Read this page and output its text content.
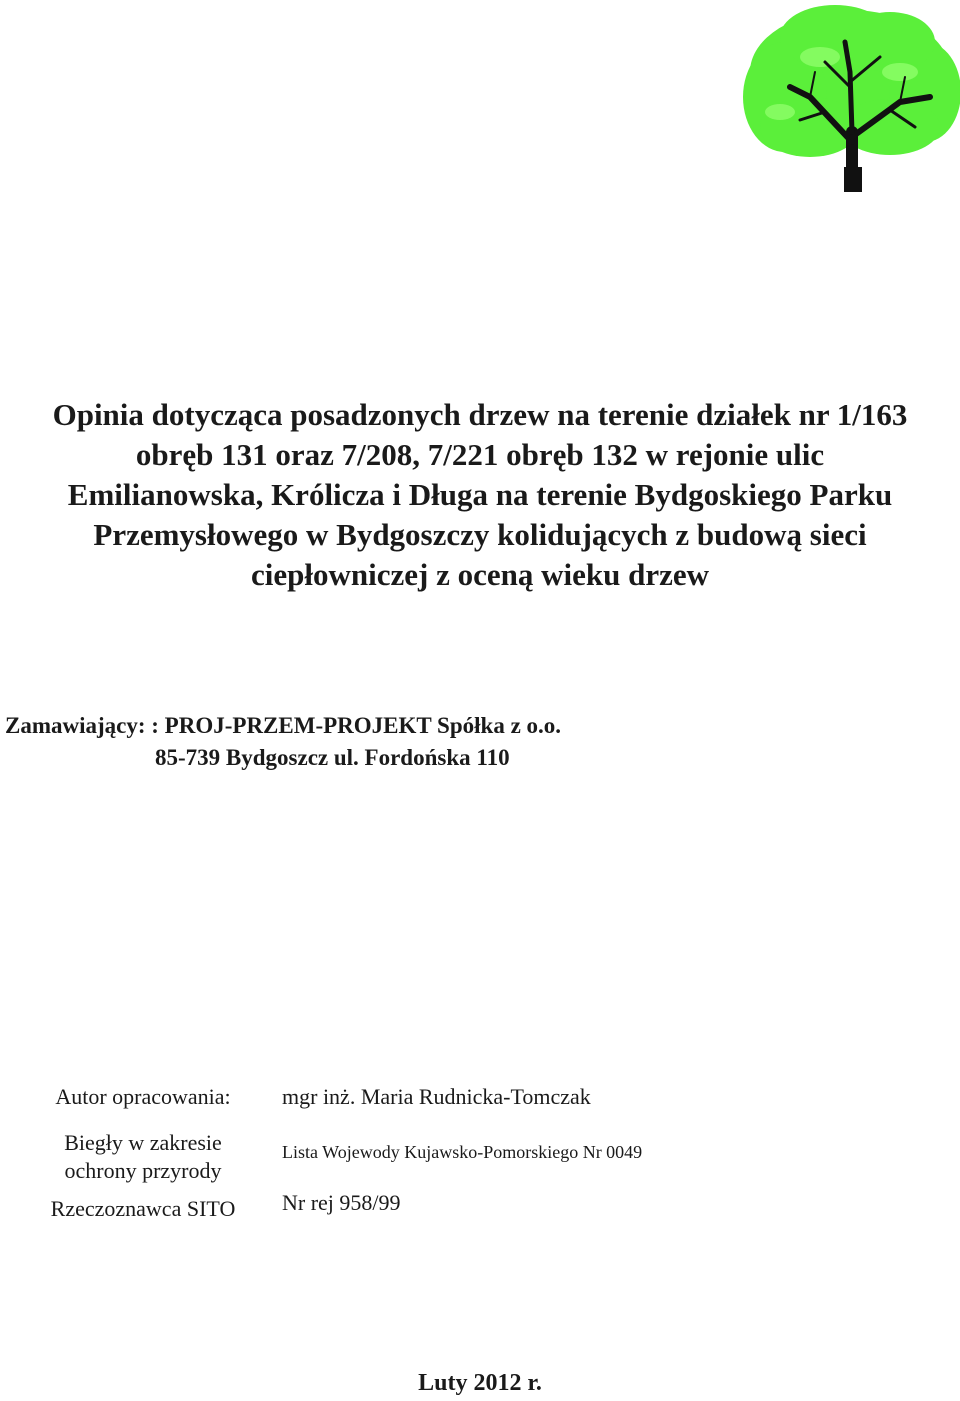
Opinia dotycząca posadzonych drzew na terenie działek nr 1/163
obręb 131 oraz 7/208, 7/221 obręb 132 w rejonie ulic
Emilianowska, Królicza i Długa na terenie Bydgoskiego Parku
Przemysłowego w Bydgoszczy kolidujących z budową sieci
ciepłowniczej z oceną wieku drzew
Zamawiający: : PROJ-PRZEM-PROJEKT Spółka z o.o.
85-739 Bydgoszcz ul. Fordońska 110
Autor opracowania:	mgr inż. Maria Rudnicka-Tomczak
Biegły w zakresie
ochrony przyrody
Lista Wojewody Kujawsko-Pomorskiego Nr 0049
Rzeczoznawca SITO	Nr rej 958/99
Luty 2012 r.
